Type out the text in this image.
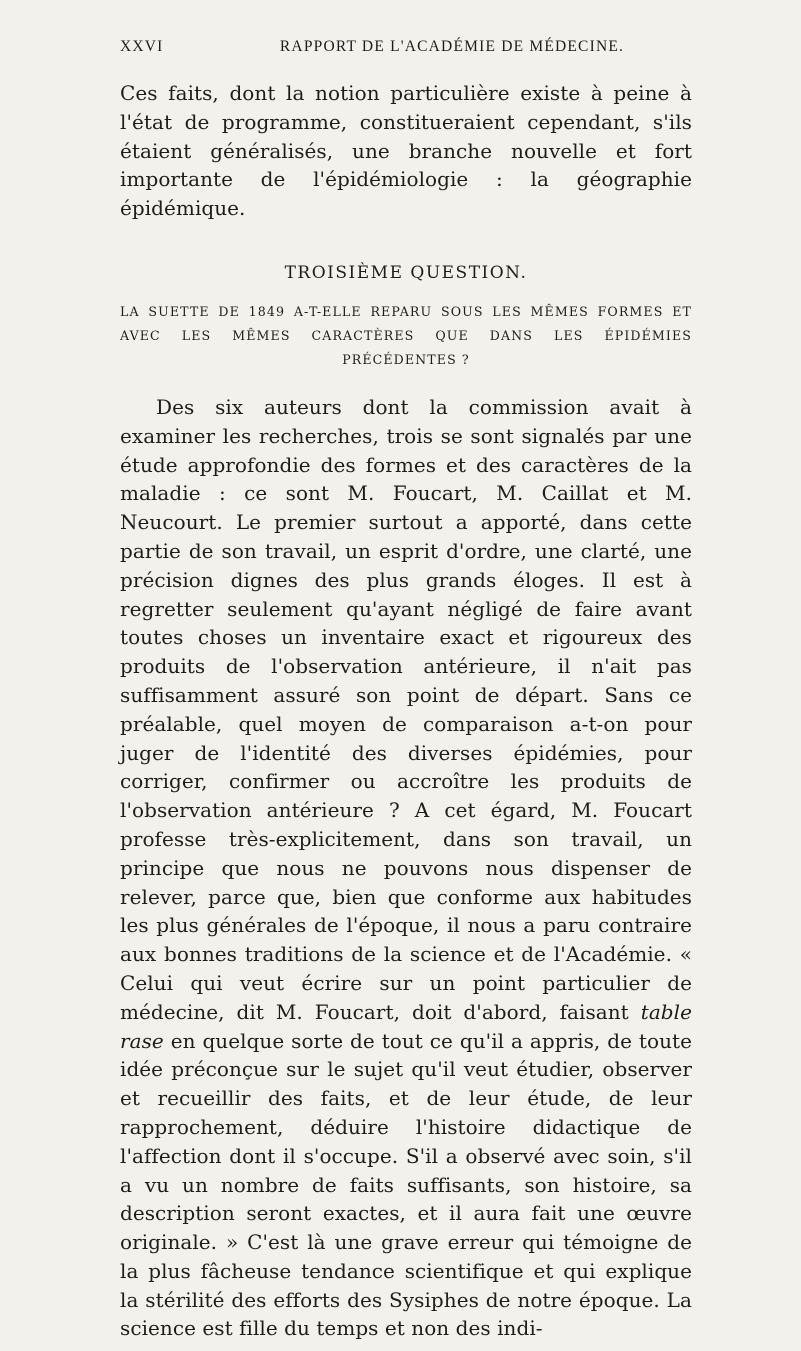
XXVI	RAPPORT DE L'ACADÉMIE DE MÉDECINE.

Ces faits, dont la notion particulière existe à peine à l'état de programme, constitueraient cependant, s'ils étaient généralisés, une branche nouvelle et fort importante de l'épidémiologie : la géographie épidémique.

TROISIÈME QUESTION.

LA SUETTE DE 1849 A-T-ELLE REPARU SOUS LES MÊMES FORMES ET AVEC LES MÊMES CARACTÈRES QUE DANS LES ÉPIDÉMIES PRÉCÉDENTES ?

Des six auteurs dont la commission avait à examiner les recherches, trois se sont signalés par une étude approfondie des formes et des caractères de la maladie : ce sont M. Foucart, M. Caillat et M. Neucourt. Le premier surtout a apporté, dans cette partie de son travail, un esprit d'ordre, une clarté, une précision dignes des plus grands éloges. Il est à regretter seulement qu'ayant négligé de faire avant toutes choses un inventaire exact et rigoureux des produits de l'observation antérieure, il n'ait pas suffisamment assuré son point de départ. Sans ce préalable, quel moyen de comparaison a-t-on pour juger de l'identité des diverses épidémies, pour corriger, confirmer ou accroître les produits de l'observation antérieure ? A cet égard, M. Foucart professe très-explicitement, dans son travail, un principe que nous ne pouvons nous dispenser de relever, parce que, bien que conforme aux habitudes les plus générales de l'époque, il nous a paru contraire aux bonnes traditions de la science et de l'Académie. « Celui qui veut écrire sur un point particulier de médecine, dit M. Foucart, doit d'abord, faisant table rase en quelque sorte de tout ce qu'il a appris, de toute idée préconçue sur le sujet qu'il veut étudier, observer et recueillir des faits, et de leur étude, de leur rapprochement, déduire l'histoire didactique de l'affection dont il s'occupe. S'il a observé avec soin, s'il a vu un nombre de faits suffisants, son histoire, sa description seront exactes, et il aura fait une œuvre originale. » C'est là une grave erreur qui témoigne de la plus fâcheuse tendance scientifique et qui explique la stérilité des efforts des Sysiphes de notre époque. La science est fille du temps et non des indi-
